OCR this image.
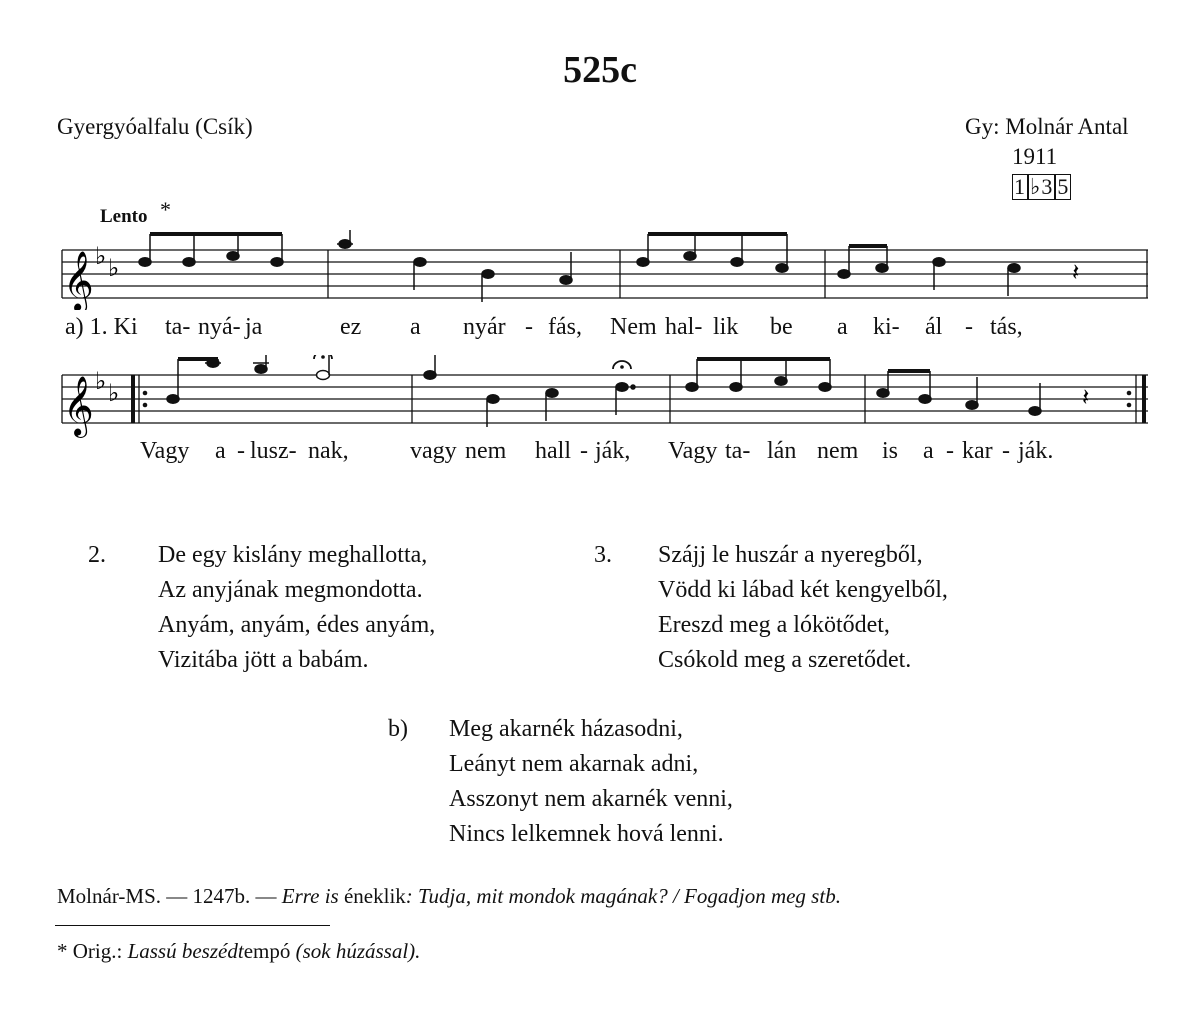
525c
Gyergyóalfalu (Csík)	Gy: Molnár Antal
1911
1 ♭3 5
Lento *
𝄞 ♭ ♭	𝄽
a) 1. Ki ta- nyá- ja	ez a nyár - fás, Nem hal- lik be a ki- ál - tás,
𝄞 ♭ ♭	𝄽
Vagy a - lusz- nak,	vagy nem hall - ják, Vagy ta- lán nem is a - kar - ják.
2. De egy kislány meghallotta,
Az anyjának megmondotta.
Anyám, anyám, édes anyám,
Vizitába jött a babám.
3. Szájj le huszár a nyeregből,
Vödd ki lábad két kengyelből,
Ereszd meg a lókötődet,
Csókold meg a szeretődet.
b) Meg akarnék házasodni,
Leányt nem akarnak adni,
Asszonyt nem akarnék venni,
Nincs lelkemnek hová lenni.
Molnár-MS. — 1247b. — Erre is éneklik: Tudja, mit mondok magának? / Fogadjon meg stb.
* Orig.: Lassú beszédtempó (sok húzással).
